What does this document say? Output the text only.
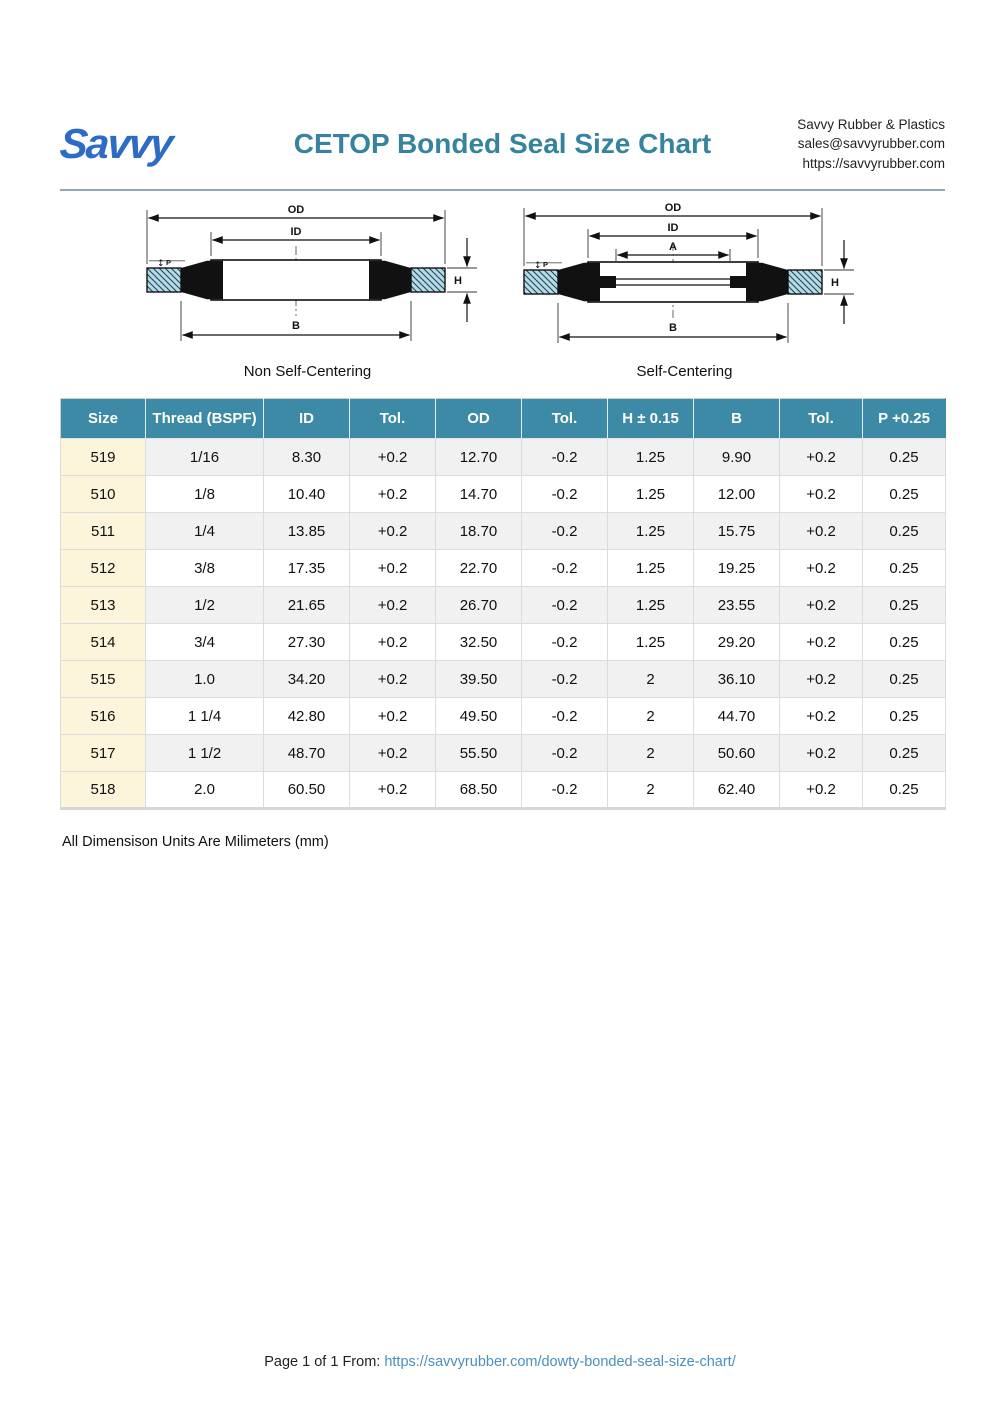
Savvy	CETOP Bonded Seal Size Chart
Savvy Rubber & Plastics
sales@savvyrubber.com
https://savvyrubber.com
OD
ID
↕ P
B
H
Non Self-Centering
OD
ID
A
↕ P
B
H
Self-Centering
Size	Thread (BSPF)	ID	Tol.	OD	Tol.	H ± 0.15	B	Tol.	P +0.25
519	1/16	8.30	+0.2	12.70	-0.2	1.25	9.90	+0.2	0.25
510	1/8	10.40	+0.2	14.70	-0.2	1.25	12.00	+0.2	0.25
511	1/4	13.85	+0.2	18.70	-0.2	1.25	15.75	+0.2	0.25
512	3/8	17.35	+0.2	22.70	-0.2	1.25	19.25	+0.2	0.25
513	1/2	21.65	+0.2	26.70	-0.2	1.25	23.55	+0.2	0.25
514	3/4	27.30	+0.2	32.50	-0.2	1.25	29.20	+0.2	0.25
515	1.0	34.20	+0.2	39.50	-0.2	2	36.10	+0.2	0.25
516	1 1/4	42.80	+0.2	49.50	-0.2	2	44.70	+0.2	0.25
517	1 1/2	48.70	+0.2	55.50	-0.2	2	50.60	+0.2	0.25
518	2.0	60.50	+0.2	68.50	-0.2	2	62.40	+0.2	0.25
All Dimensison Units Are Milimeters (mm)
Page 1 of 1 From: https://savvyrubber.com/dowty-bonded-seal-size-chart/
